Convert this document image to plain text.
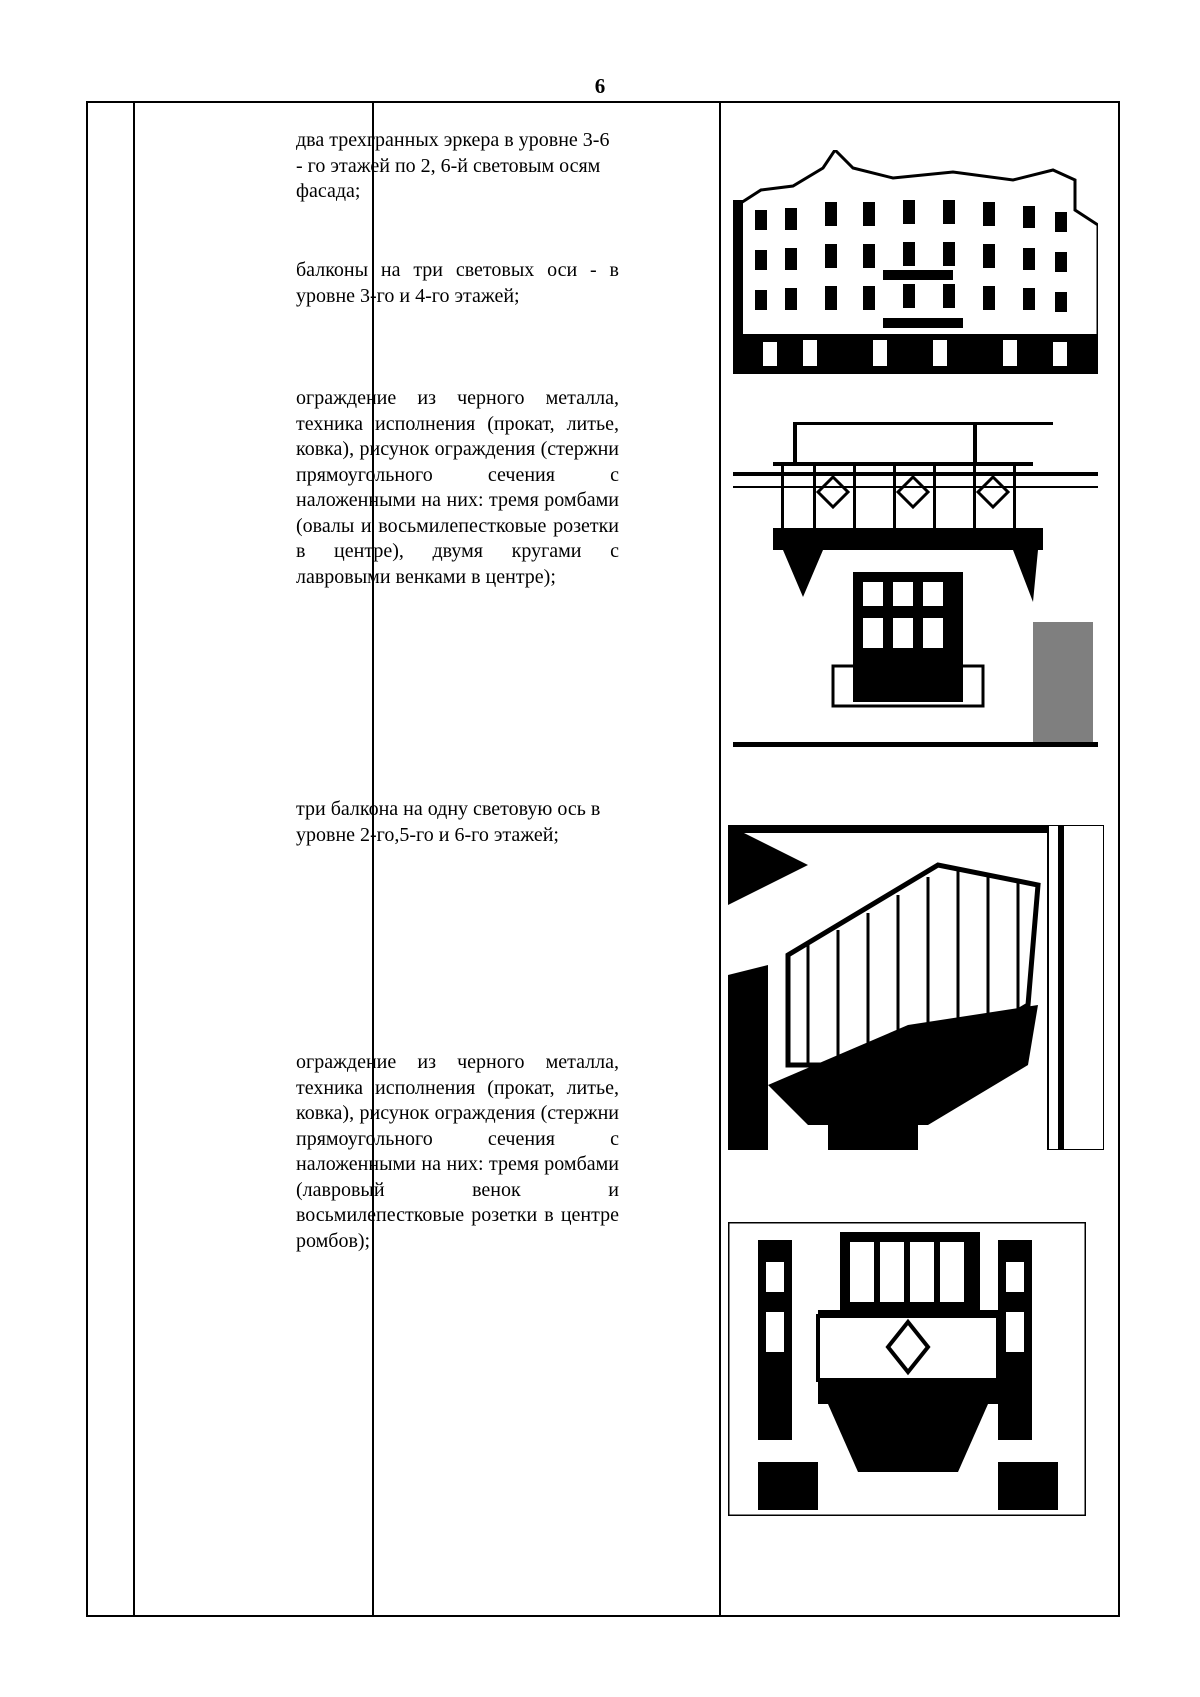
6
два трехгранных эркера в уровне 3-6 - го этажей по 2, 6-й световым осям фасада;
балконы на три световых оси - в уровне 3-го и 4-го этажей;
ограждение из черного металла, техника исполнения (прокат, литье, ковка), рисунок ограждения (стержни прямоугольного сечения с наложенными на них: тремя ромбами (овалы и восьмилепестковые розетки в центре), двумя кругами с лавровыми венками в центре);
три балкона на одну световую ось в уровне 2-го,5-го и 6-го этажей;
ограждение из черного металла, техника исполнения (прокат, литье, ковка), рисунок ограждения (стержни прямоугольного сечения с наложенными на них: тремя ромбами (лавровый венок и восьмилепестковые розетки в центре ромбов);
